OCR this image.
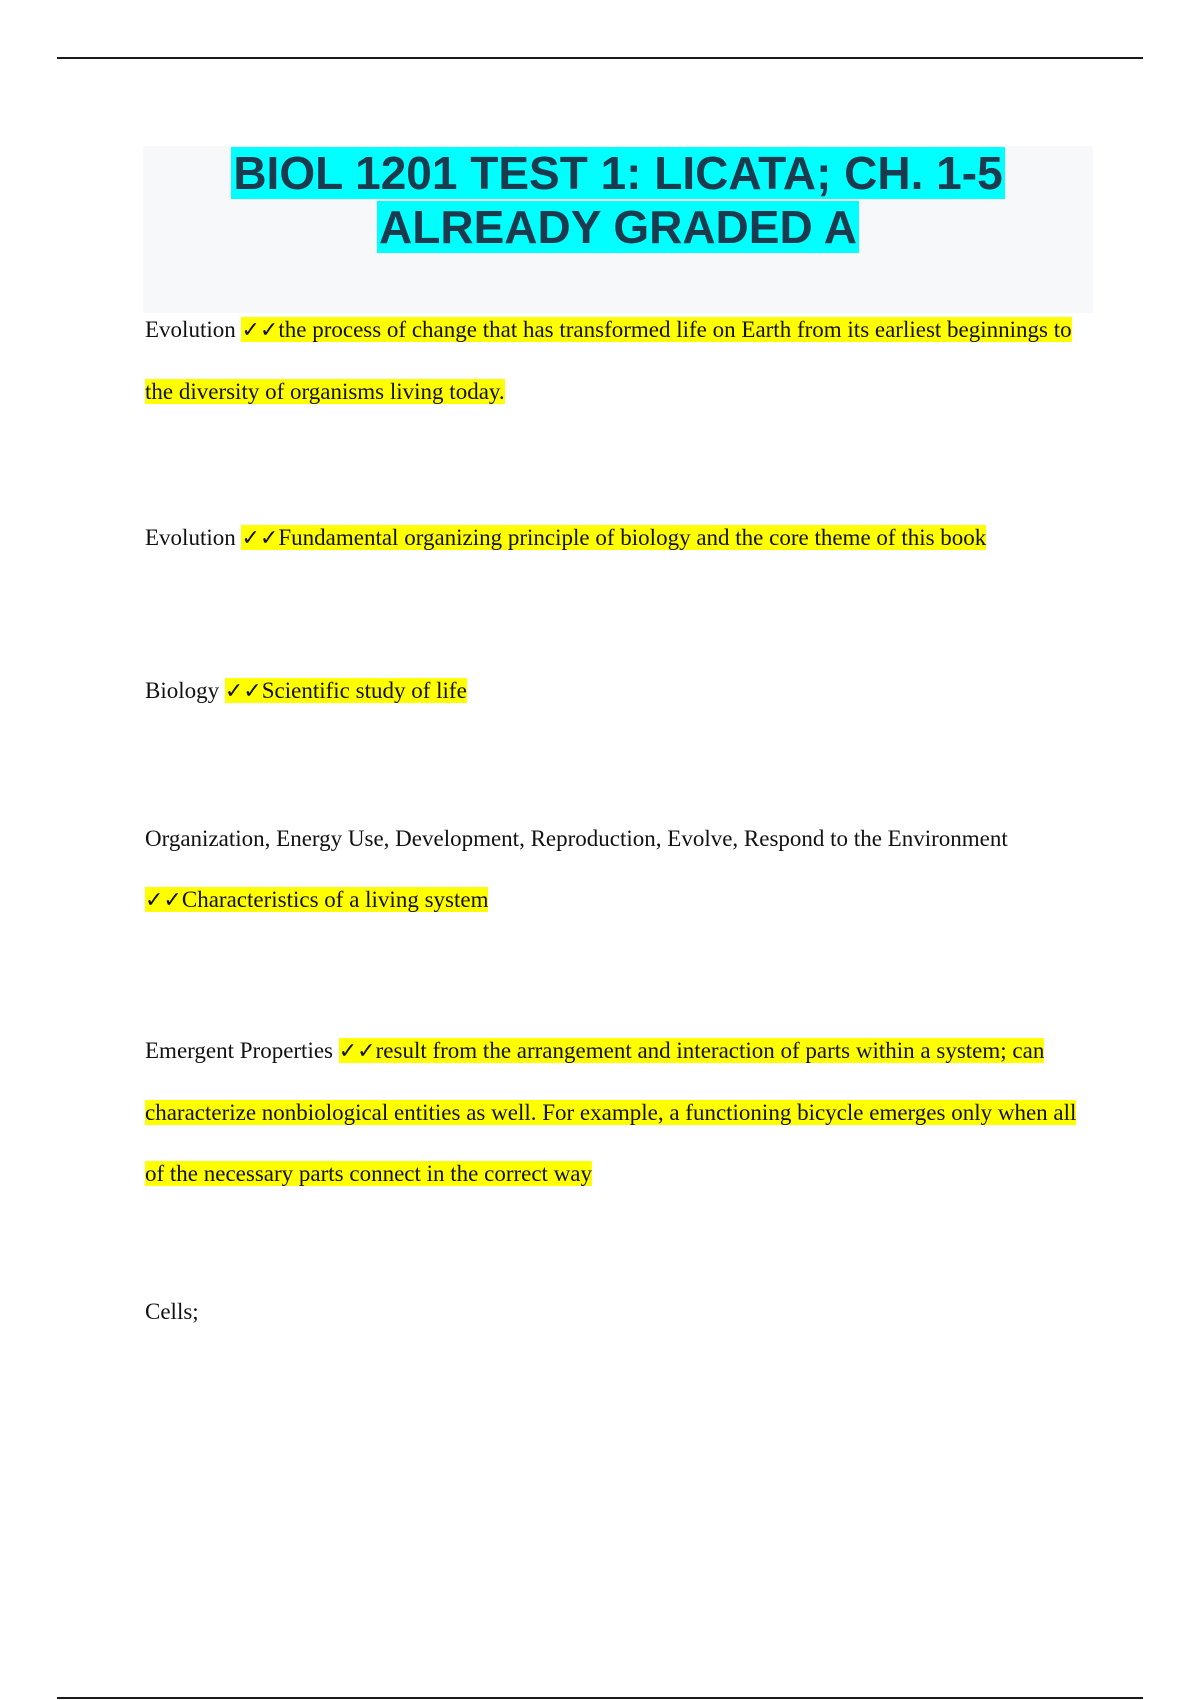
BIOL 1201 TEST 1: LICATA; CH. 1-5
ALREADY GRADED A

Evolution ✓✓the process of change that has transformed life on Earth from its earliest beginnings to the diversity of organisms living today.

Evolution ✓✓Fundamental organizing principle of biology and the core theme of this book

Biology ✓✓Scientific study of life

Organization, Energy Use, Development, Reproduction, Evolve, Respond to the Environment ✓✓Characteristics of a living system

Emergent Properties ✓✓result from the arrangement and interaction of parts within a system; can characterize nonbiological entities as well. For example, a functioning bicycle emerges only when all of the necessary parts connect in the correct way

Cells;
